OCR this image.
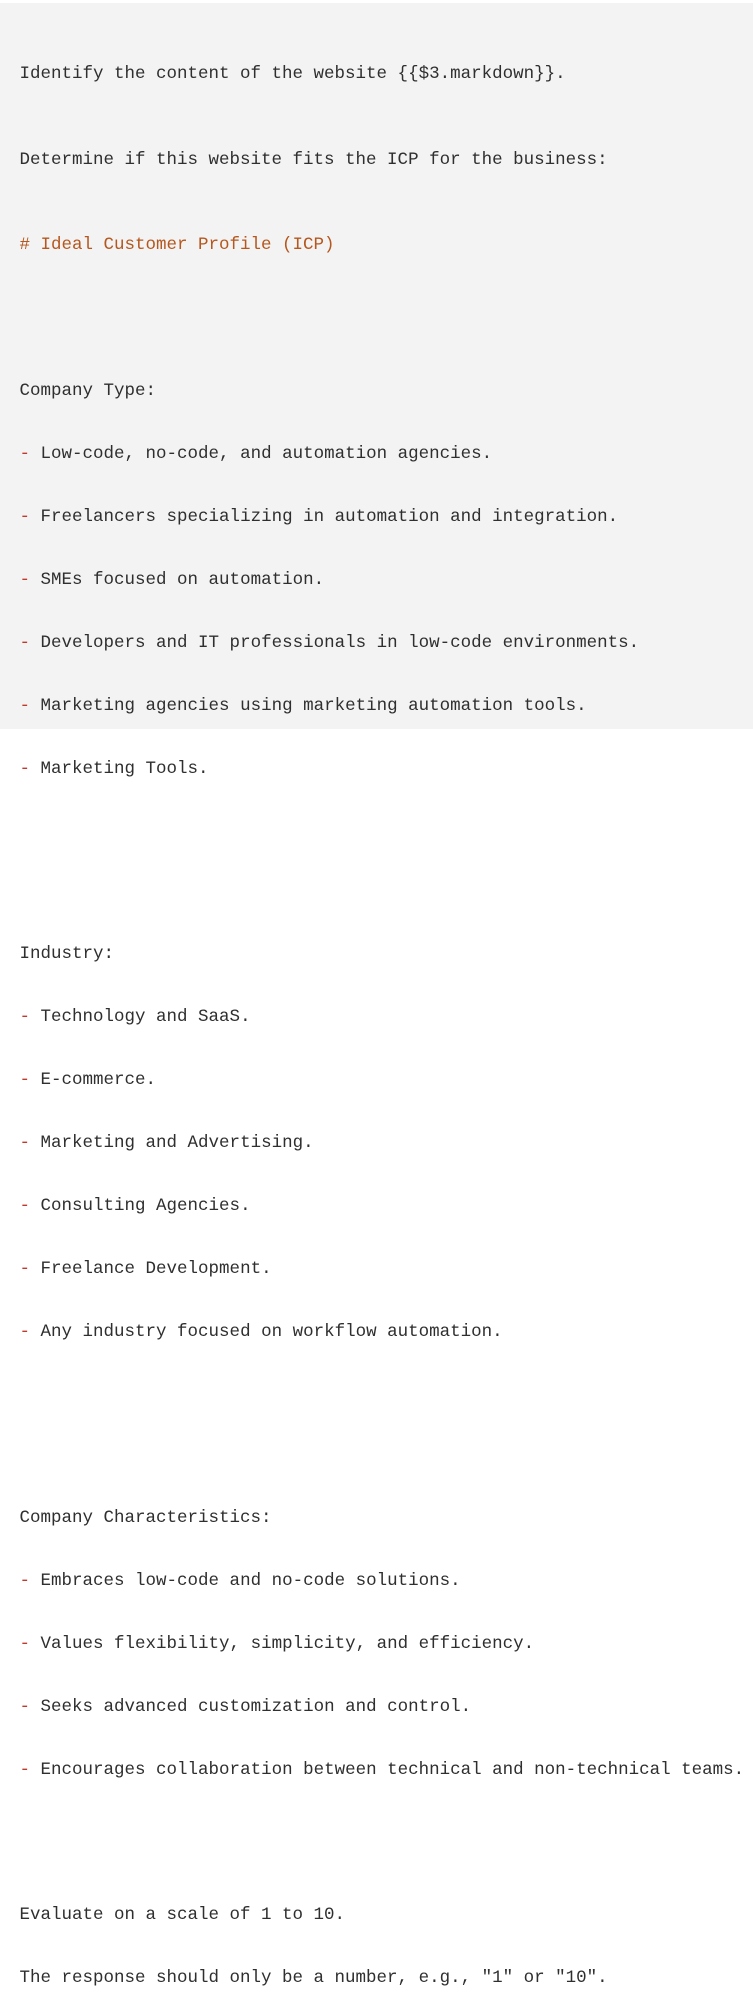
Identify the content of the website {{$3.markdown}}.

Determine if this website fits the ICP for the business:

# Ideal Customer Profile (ICP)

Company Type:

- Low-code, no-code, and automation agencies.

- Freelancers specializing in automation and integration.

- SMEs focused on automation.

- Developers and IT professionals in low-code environments.

- Marketing agencies using marketing automation tools.

- Marketing Tools.

Industry:

- Technology and SaaS.

- E-commerce.

- Marketing and Advertising.

- Consulting Agencies.

- Freelance Development.

- Any industry focused on workflow automation.

Company Characteristics:

- Embraces low-code and no-code solutions.

- Values flexibility, simplicity, and efficiency.

- Seeks advanced customization and control.

- Encourages collaboration between technical and non-technical teams.

Evaluate on a scale of 1 to 10.

The response should only be a number, e.g., "1" or "10".
